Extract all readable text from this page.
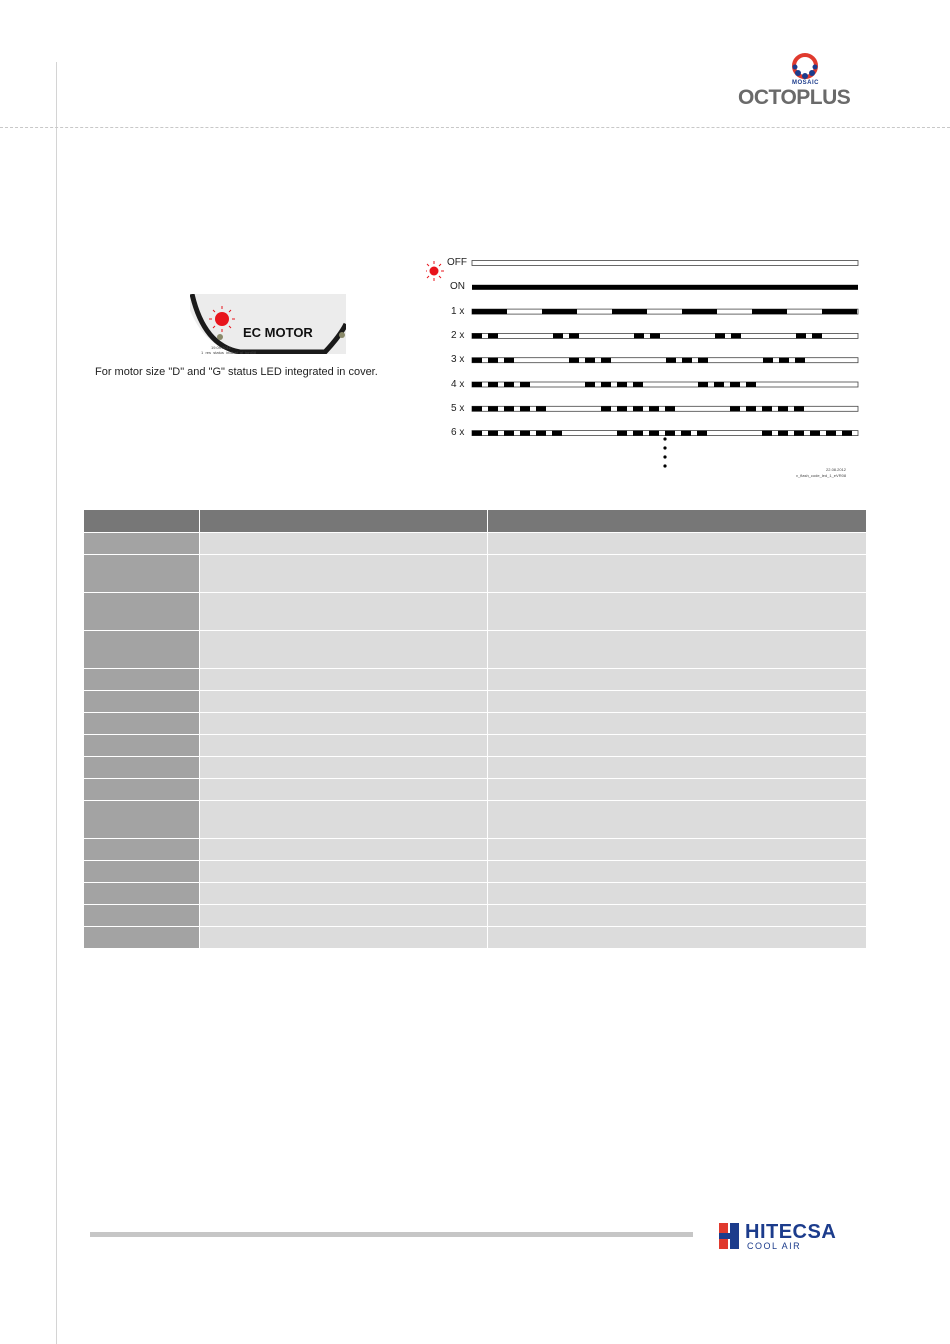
MOSAIC
OCTOPLUS
EC MOTOR
19.09.2012
1_res_status_indikat_ql_jpnt08
For motor size "D" and "G" status LED integrated in cover.
OFF
ON
1 x
2 x
3 x
4 x
5 x
6 x
22.08.2012
v_flash_code_led_1_eVR08

HITECSA
COOL AIR
